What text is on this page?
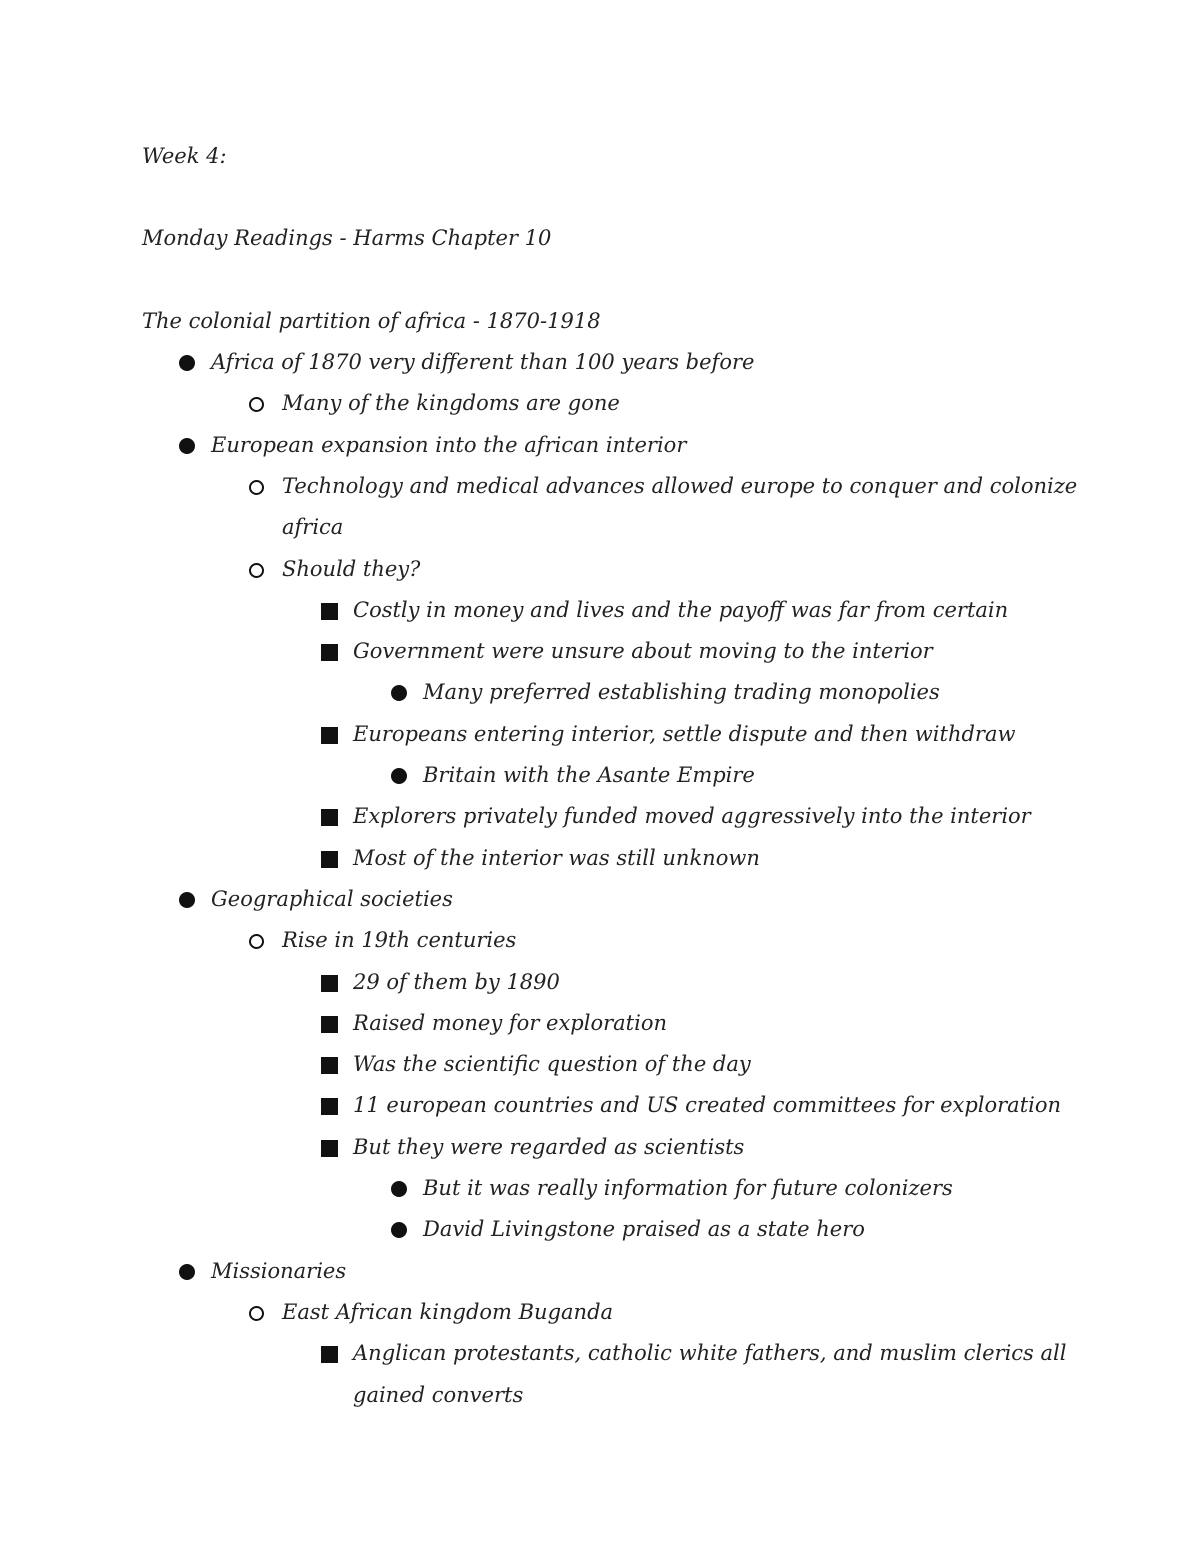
Week 4:
Monday Readings - Harms Chapter 10
The colonial partition of africa - 1870-1918
Africa of 1870 very different than 100 years before
Many of the kingdoms are gone
European expansion into the african interior
Technology and medical advances allowed europe to conquer and colonize
africa
Should they?
Costly in money and lives and the payoff was far from certain
Government were unsure about moving to the interior
Many preferred establishing trading monopolies
Europeans entering interior, settle dispute and then withdraw
Britain with the Asante Empire
Explorers privately funded moved aggressively into the interior
Most of the interior was still unknown
Geographical societies
Rise in 19th centuries
29 of them by 1890
Raised money for exploration
Was the scientific question of the day
11 european countries and US created committees for exploration
But they were regarded as scientists
But it was really information for future colonizers
David Livingstone praised as a state hero
Missionaries
East African kingdom Buganda
Anglican protestants, catholic white fathers, and muslim clerics all
gained converts
